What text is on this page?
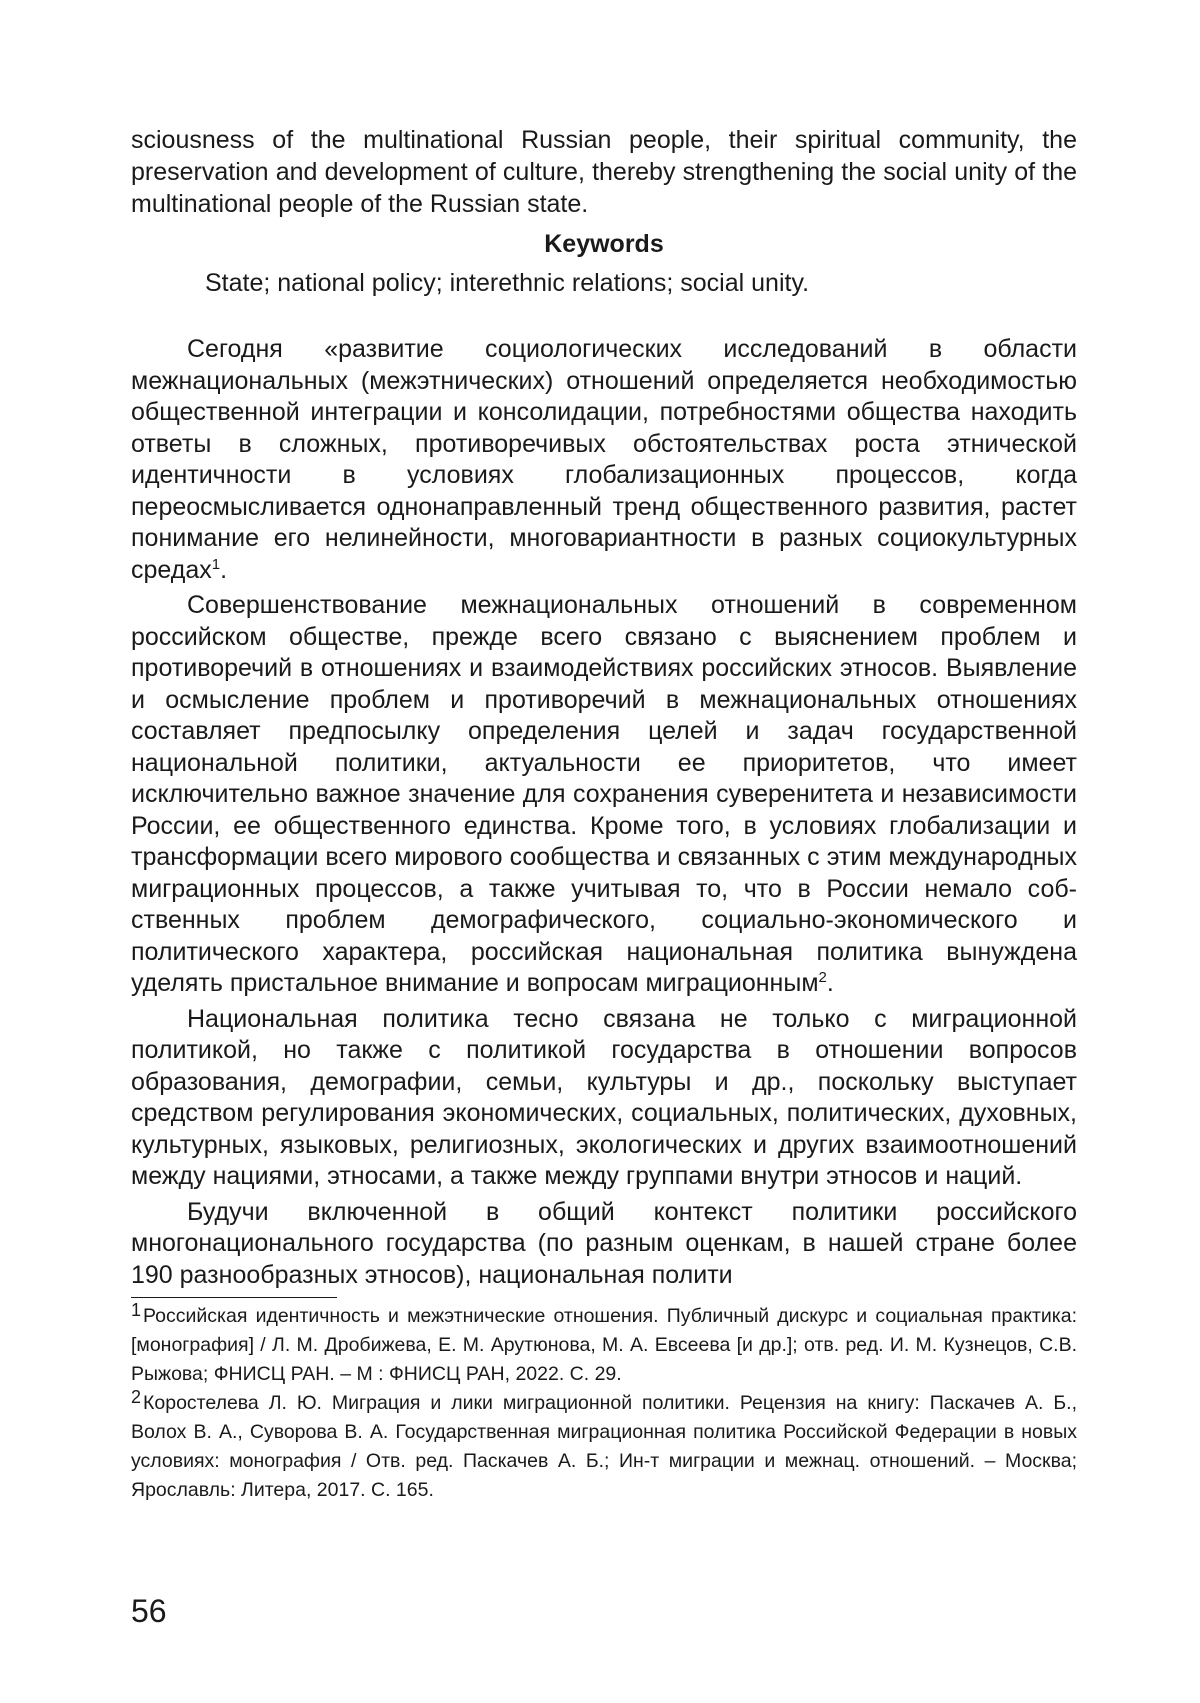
sciousness of the multinational Russian people, their spiritual community, the preservation and development of culture, thereby strengthening the so­cial unity of the multinational people of the Russian state.

Keywords

State; national policy; interethnic relations; social unity.

Сегодня «развитие социологических исследований в области межнациональных (межэтнических) отношений определяется необходимостью общественной интеграции и консолидации, потребностями общества находить ответы в сложных, противоречивых обстоятельствах роста этнической идентичности в условиях глобализационных процессов, когда переосмысливается однонаправленный тренд общественного развития, растет понимание его нелинейности, многовариантности в разных социокультурных средах1.

Совершенствование межнациональных отношений в современном российском обществе, прежде всего связано с выяснением проблем и противоречий в отношениях и взаимодействиях российских этносов. Выявление и осмысление проблем и противоречий в межнациональных отношениях составляет предпосылку определения целей и задач государственной национальной политики, актуальности ее приоритетов, что имеет исключительно важное значение для сохранения суверенитета и независимости России, ее общественного единства. Кроме того, в условиях глобализации и трансформации все­го мирового сообщества и связанных с этим международных мигра­ционных процессов, а также учитывая то, что в России немало соб­ственных проблем демографического, социально-экономического и политического характера, российская национальная политика вынуж­дена уделять пристальное внимание и вопросам миграционным2.

Национальная политика тесно связана не только с миграционной политикой, но также с политикой государства в отношении вопросов образования, демографии, семьи, культуры и др., поскольку выступает средством регулирования экономических, социальных, политических, духовных, культурных, языковых, религиозных, экологических и других взаимоотношений между нациями, этносами, а также между группами внутри этносов и наций.

Будучи включенной в общий контекст политики российского многонационального государства (по разным оценкам, в нашей стране более 190 разнообразных этносов), национальная полити­

1 Российская идентичность и межэтнические отношения. Публичный дискурс и социальная практика: [монография] / Л. М. Дробижева, Е. М. Арутюнова, М. А. Евсеева [и др.]; отв. ред. И. М. Кузнецов, С.В. Рыжова; ФНИСЦ РАН. – М : ФНИСЦ РАН, 2022. С. 29.

2 Коростелева Л. Ю. Миграция и лики миграционной политики. Рецензия на книгу: Паскачев А. Б., Волох В. А., Суворова В. А. Государственная миграционная политика Российской Федерации в новых условиях: монография / Отв. ред. Паскачев А. Б.; Ин-т миграции и межнац. отношений. – Москва; Ярославль: Литера, 2017. С. 165.

56
